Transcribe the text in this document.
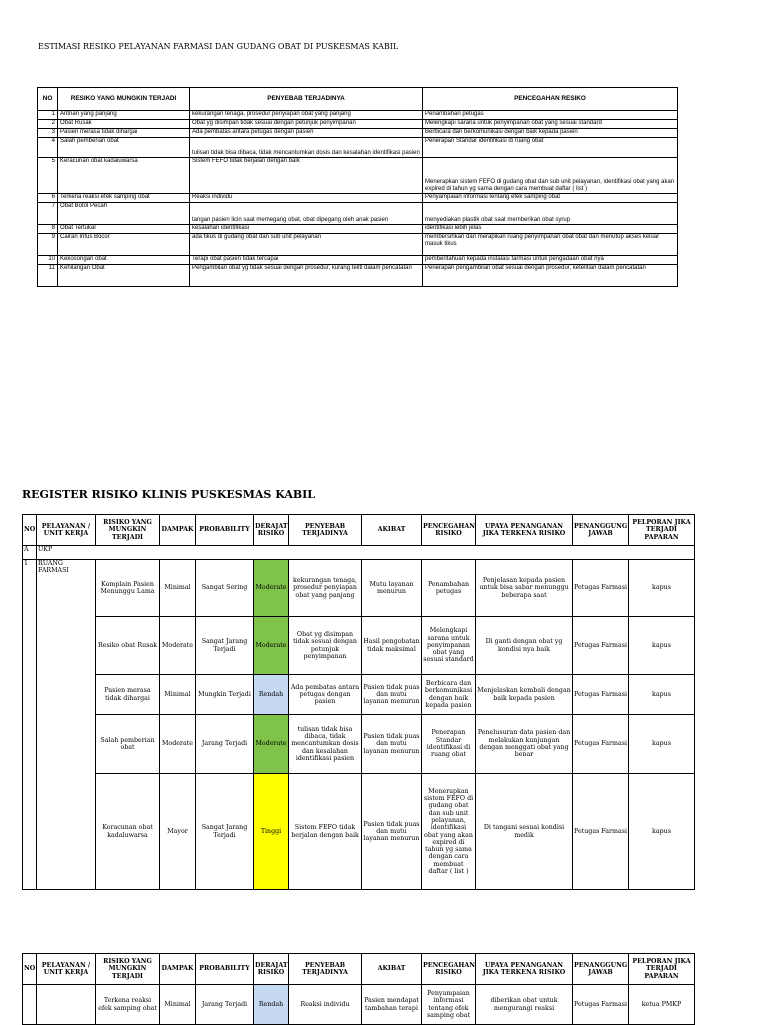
ESTIMASI RESIKO PELAYANAN FARMASI DAN GUDANG OBAT DI PUSKESMAS KABIL
NO	RESIKO YANG MUNGKIN TERJADI	PENYEBAB TERJADINYA	PENCEGAHAN RESIKO
1	Antrian yang panjang	kekurangan tenaga, prosedur penyiapan obat yang panjang	Penambahan petugas
2	Obat Rusak	Obat yg disimpan tidak sesuai dengan petunjuk penyimpanan	Melengkapi sarana untuk penyimpanan obat yang sesuai standard
3	Pasien merasa tidak dihargai	Ada pembatas antara petugas dengan pasien	Berbicara dan berkomunikasi dengan baik kepada pasien
4	Salah pemberian obat	tulisan tidak bisa dibaca, tidak mencantumkan dosis dan kesalahan identifikasi pasien	Penerapan Standar identifikasi di ruang obat
5	Keracunan obat kadaluwarsa	Sistem FEFO tidak berjalan dengan baik	Menerapkan sistem FEFO di gudang obat dan sub unit pelayanan, identifikasi obat yang akan expired di tahun yg sama dengan cara membuat daftar ( list )
6	Terkena reaksi efek samping obat	Reaksi individu	Penyampaian informasi tentang efek samping obat
7	Obat Botol Pecah	tangan pasien licin saat memegang obat, obat dipegang oleh anak pasien	menyediakan plastik obat saat memberikan obat syrup
8	Obat Tertukar	kesalahan identifikasi	identifikasi lebih jelas
9	Cairan Infus Bocor	ada tikus di gudang obat dan sub unit pelayanan	membersihkan dan merapikan ruang penyimpanan obat obat dan menutup akses keluar masuk tikus
10	Kekosongan obat	Terapi obat pasien tidak tercapai	pemberitahuan kepada instalasi farmasi untuk pengadaan obat nya
11	Kehilangan Obat	Pengambilan obat yg tidak sesuai dengan prosedur, kurang teliti dalam pencatatan	Penerapan pengambilan obat sesuai dengan prosedur, ketelitian dalam pencatatan
REGISTER RISIKO KLINIS PUSKESMAS KABIL
NO	PELAYANAN / UNIT KERJA	RISIKO YANG MUNGKIN TERJADI	DAMPAK	PROBABILITY	DERAJAT RISIKO	PENYEBAB TERJADINYA	AKIBAT	PENCEGAHAN RISIKO	UPAYA PENANGANAN JIKA TERKENA RISIKO	PENANGGUNG JAWAB	PELPORAN JIKA TERJADI PAPARAN
A	UKP										
1	RUANG FARMASI	Komplain Pasien Menunggu Lama	Minimal	Sangat Sering	Moderate	kekurangan tenaga, prosedur penyiapan obat yang panjang	Mutu layanan menurun	Penambahan petugas	Penjelasan kepada pasien untuk bisa sabar menunggu beberapa saat	Petugas Farmasi	kapus
		Resiko obat Rusak	Moderate	Sangat Jarang Terjadi	Moderate	Obat yg disimpan tidak sesuai dengan petunjuk penyimpanan	Hasil pengobatan tidak maksimal	Melengkapi sarana untuk penyimpanan obat yang sesuai standard	Di ganti dengan obat yg kondisi nya baik	Petugas Farmasi	kapus
		Pasien merasa tidak dihargai	Minimal	Mungkin Terjadi	Rendah	Ada pembatas antara petugas dengan pasien	Pasien tidak puas dan mutu layanan menurun	Berbicara dan berkomunikasi dengan baik kepada pasien	Menjelaskan kembali dengan baik kepada pasien	Petugas Farmasi	kapus
		Salah pemberian obat	Moderate	Jarang Terjadi	Moderate	tulisan tidak bisa dibaca, tidak mencantumkan dosis dan kesalahan identifikasi pasien	Pasien tidak puas dan mutu layanan menurun	Penerapan Standar identifikasi di ruang obat	Penelusuran data pasien dan melakukan kunjungan dengan menggati obat yang benar	Petugas Farmasi	kapus
		Keracunan obat kadaluwarsa	Mayor	Sangat Jarang Terjadi	Tinggi	Sistem FEFO tidak berjalan dengan baik	Pasien tidak puas dan mutu layanan menurun	Menerapkan sistem FEFO di gudang obat dan sub unit pelayanan, identifikasi obat yang akan expired di tahun yg sama dengan cara membuat daftar ( list )	Di tangani sesuai kondisi medik	Petugas Farmasi	kapus
NO	PELAYANAN / UNIT KERJA	RISIKO YANG MUNGKIN TERJADI	DAMPAK	PROBABILITY	DERAJAT RISIKO	PENYEBAB TERJADINYA	AKIBAT	PENCEGAHAN RISIKO	UPAYA PENANGANAN JIKA TERKENA RISIKO	PENANGGUNG JAWAB	PELPORAN JIKA TERJADI PAPARAN
		Terkena reaksi efek samping obat	Minimal	Jarang Terjadi	Rendah	Reaksi individu	Pasien mendapat tambahan terapi	Penyampaian informasi tentang efek samping obat	diberikan obat untuk mengurangi reaksi	Petugas Farmasi	ketua PMKP
